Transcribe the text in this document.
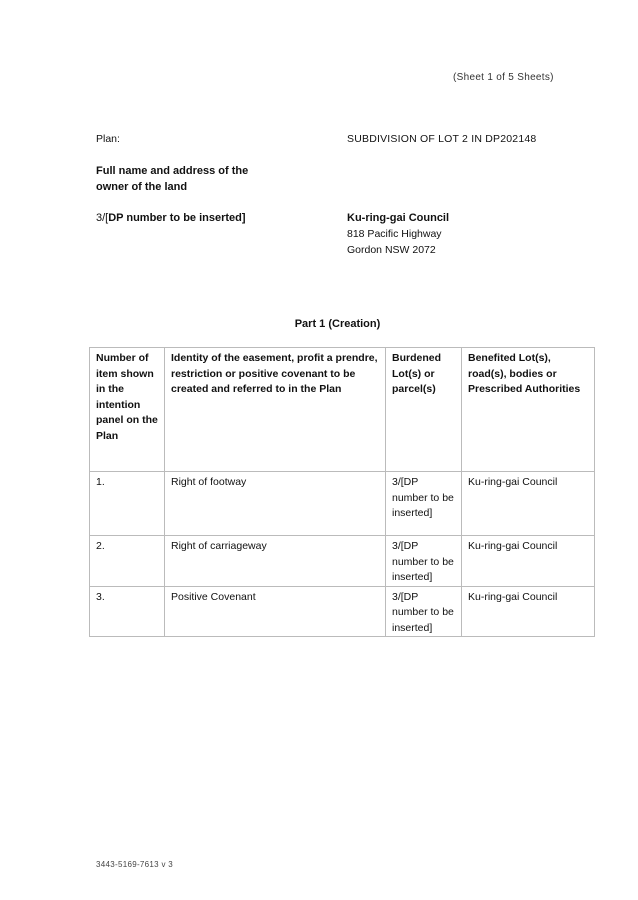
(Sheet 1 of 5 Sheets)
Plan:	SUBDIVISION OF LOT 2 IN DP202148
Full name and address of the
owner of the land
3/[DP number to be inserted]	Ku-ring-gai Council
818 Pacific Highway
Gordon NSW 2072
Part 1 (Creation)
Number of item shown in the intention panel on the Plan	Identity of the easement, profit a prendre, restriction or positive covenant to be created and referred to in the Plan	Burdened Lot(s) or parcel(s)	Benefited Lot(s), road(s), bodies or Prescribed Authorities
1.	Right of footway	3/[DP number to be inserted]	Ku-ring-gai Council
2.	Right of carriageway	3/[DP number to be inserted]	Ku-ring-gai Council
3.	Positive Covenant	3/[DP number to be inserted]	Ku-ring-gai Council
3443-5169-7613 v 3
